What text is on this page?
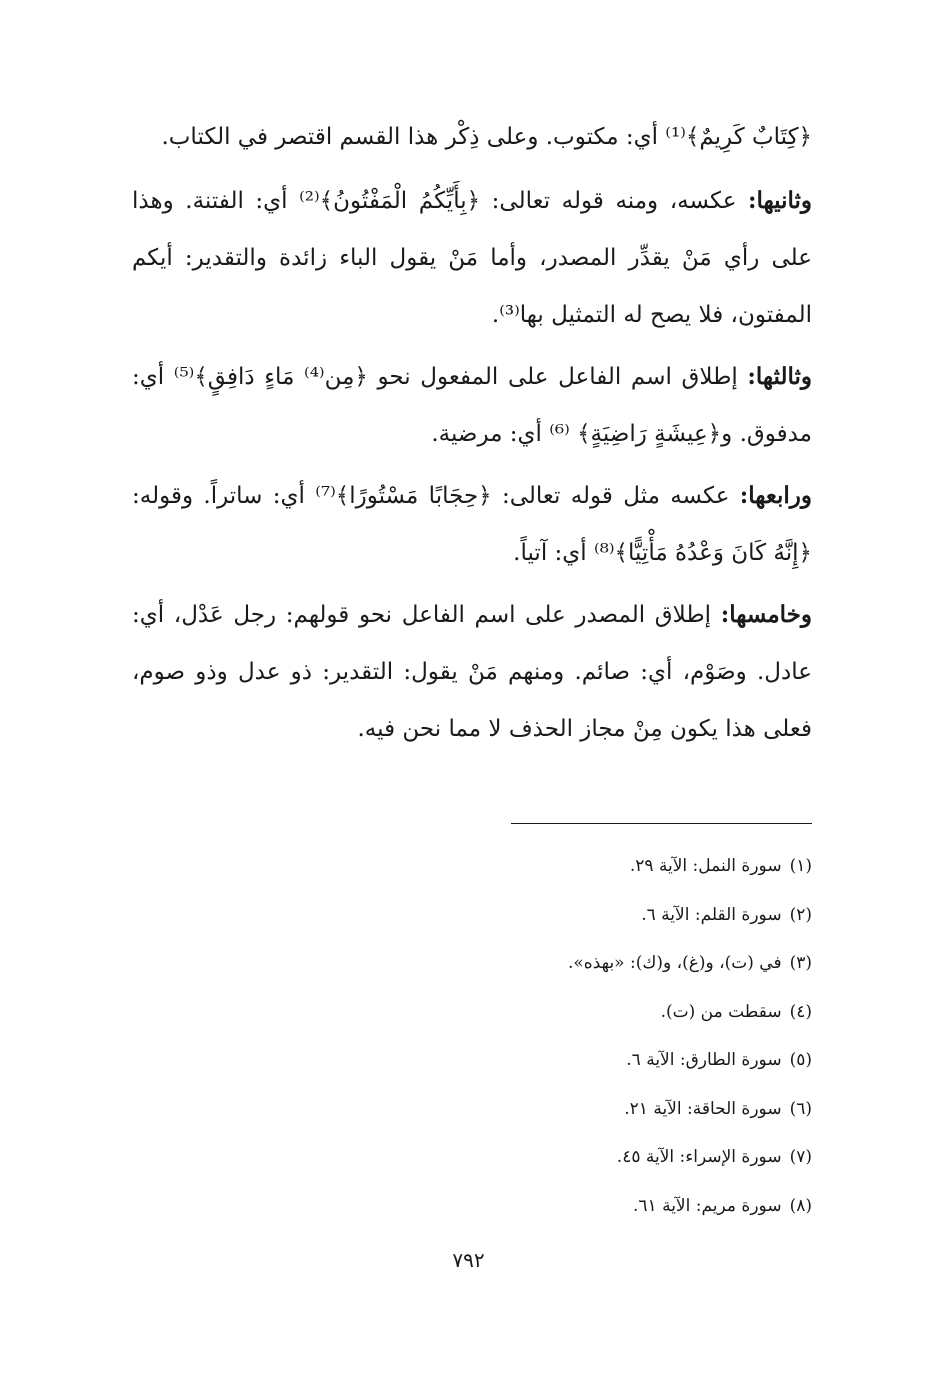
﴿كِتَابٌ كَرِيمٌ﴾⁽¹⁾ أي: مكتوب. وعلى ذِكْر هذا القسم اقتصر في الكتاب.

وثانيها: عكسه، ومنه قوله تعالى: ﴿بِأَيِّكُمُ الْمَفْتُونُ﴾⁽²⁾ أي: الفتنة. وهذا على رأي مَنْ يقدِّر المصدر، وأما مَنْ يقول الباء زائدة والتقدير: أيكم المفتون، فلا يصح له التمثيل بها⁽³⁾.

وثالثها: إطلاق اسم الفاعل على المفعول نحو ﴿مِن⁽⁴⁾ مَاءٍ دَافِقٍ﴾⁽⁵⁾ أي: مدفوق. و﴿عِيشَةٍ رَاضِيَةٍ﴾ ⁽⁶⁾ أي: مرضية.

ورابعها: عكسه مثل قوله تعالى: ﴿حِجَابًا مَسْتُورًا﴾⁽⁷⁾ أي: ساتراً. وقوله: ﴿إِنَّهُ كَانَ وَعْدُهُ مَأْتِيًّا﴾⁽⁸⁾ أي: آتياً.

وخامسها: إطلاق المصدر على اسم الفاعل نحو قولهم: رجل عَدْل، أي: عادل. وصَوْم، أي: صائم. ومنهم مَنْ يقول: التقدير: ذو عدل وذو صوم، فعلى هذا يكون مِنْ مجاز الحذف لا مما نحن فيه.

(١)سورة النمل: الآية ٢٩.
(٢)سورة القلم: الآية ٦.
(٣)في (ت)، و(غ)، و(ك): «بهذه».
(٤)سقطت من (ت).
(٥)سورة الطارق: الآية ٦.
(٦)سورة الحاقة: الآية ٢١.
(٧)سورة الإسراء: الآية ٤٥.
(٨)سورة مريم: الآية ٦١.
٧٩٢
